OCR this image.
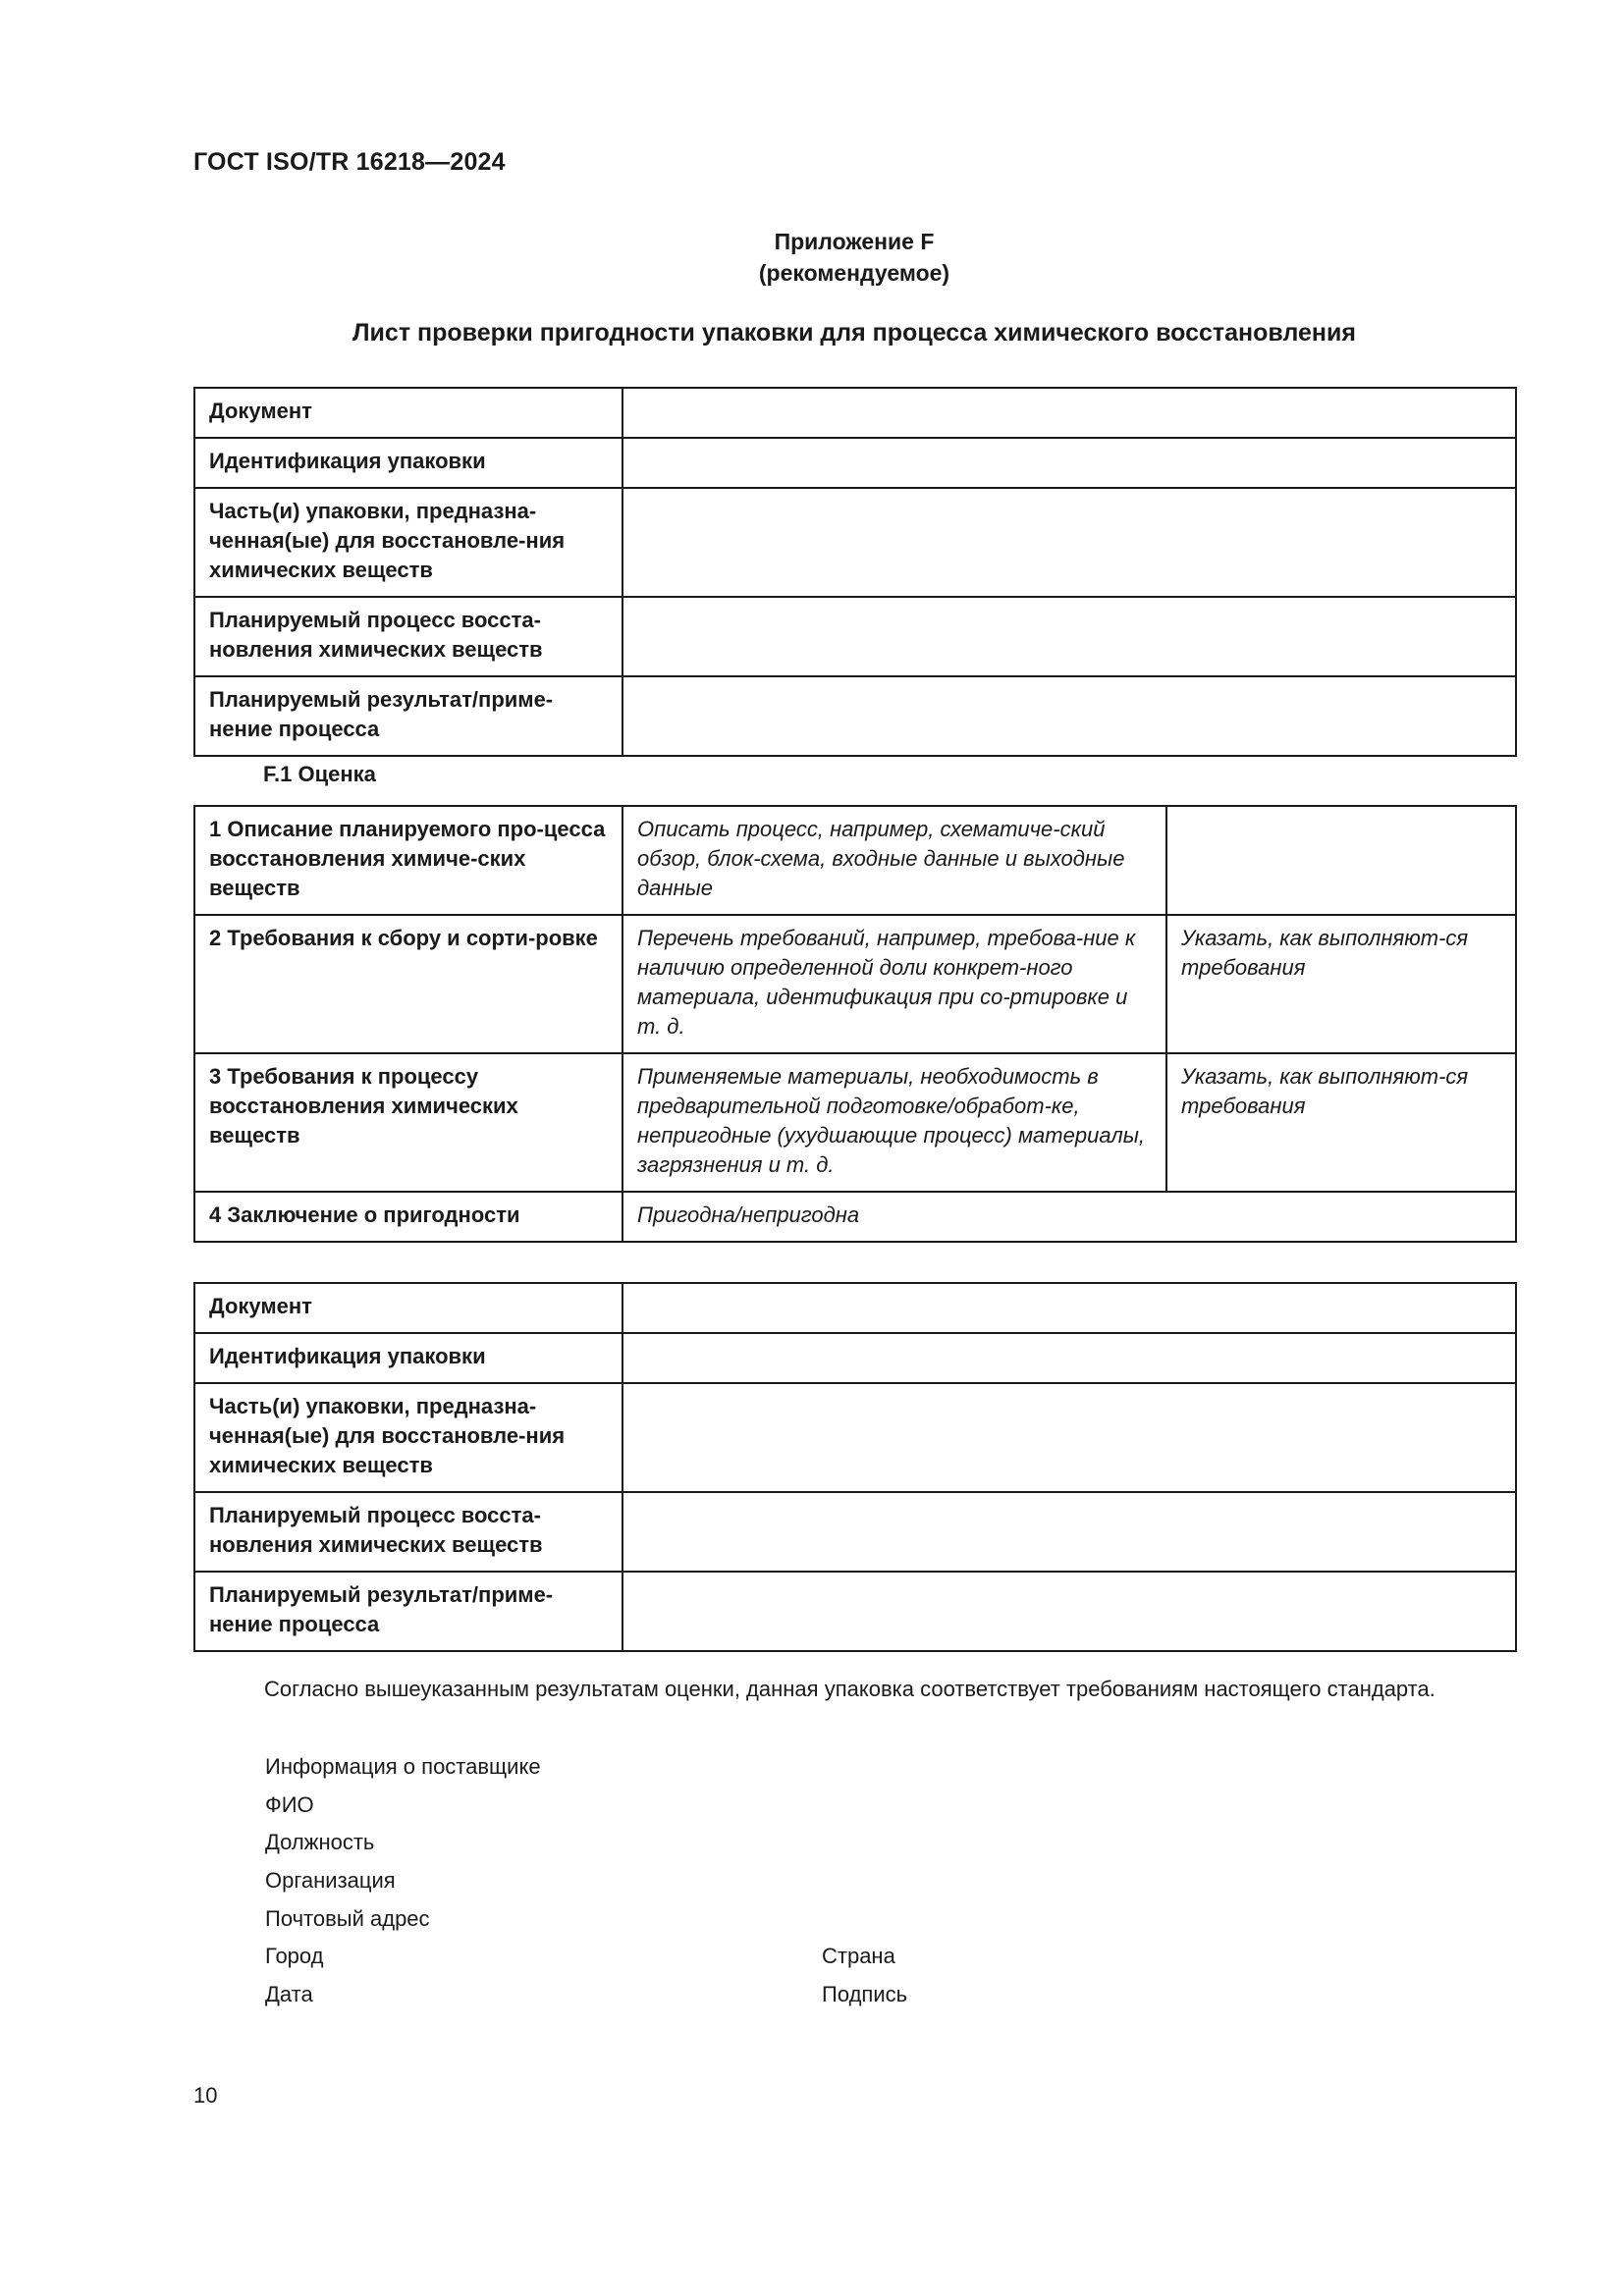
ГОСТ ISO/TR 16218—2024
Приложение F
(рекомендуемое)
Лист проверки пригодности упаковки для процесса химического восстановления
Документ	
Идентификация упаковки	
Часть(и) упаковки, предназна-ченная(ые) для восстановле-ния химических веществ	
Планируемый процесс восста-новления химических веществ	
Планируемый результат/приме-нение процесса	
F.1 Оценка
1 Описание планируемого про-цесса восстановления химиче-ских веществ	Описать процесс, например, схематиче-ский обзор, блок-схема, входные данные и выходные данные	
2 Требования к сбору и сорти-ровке	Перечень требований, например, требова-ние к наличию определенной доли конкрет-ного материала, идентификация при со-ртировке и т. д.	Указать, как выполняют-ся требования
3 Требования к процессу восстановления химических веществ	Применяемые материалы, необходимость в предварительной подготовке/обработ-ке, непригодные (ухудшающие процесс) материалы, загрязнения и т. д.	Указать, как выполняют-ся требования
4 Заключение о пригодности	Пригодна/непригодна	
Документ	
Идентификация упаковки	
Часть(и) упаковки, предназна-ченная(ые) для восстановле-ния химических веществ	
Планируемый процесс восста-новления химических веществ	
Планируемый результат/приме-нение процесса	
Согласно вышеуказанным результатам оценки, данная упаковка соответствует требованиям настоящего стандарта.
Информация о поставщике
ФИО
Должность
Организация
Почтовый адрес
Город	Страна
Дата	Подпись
10
